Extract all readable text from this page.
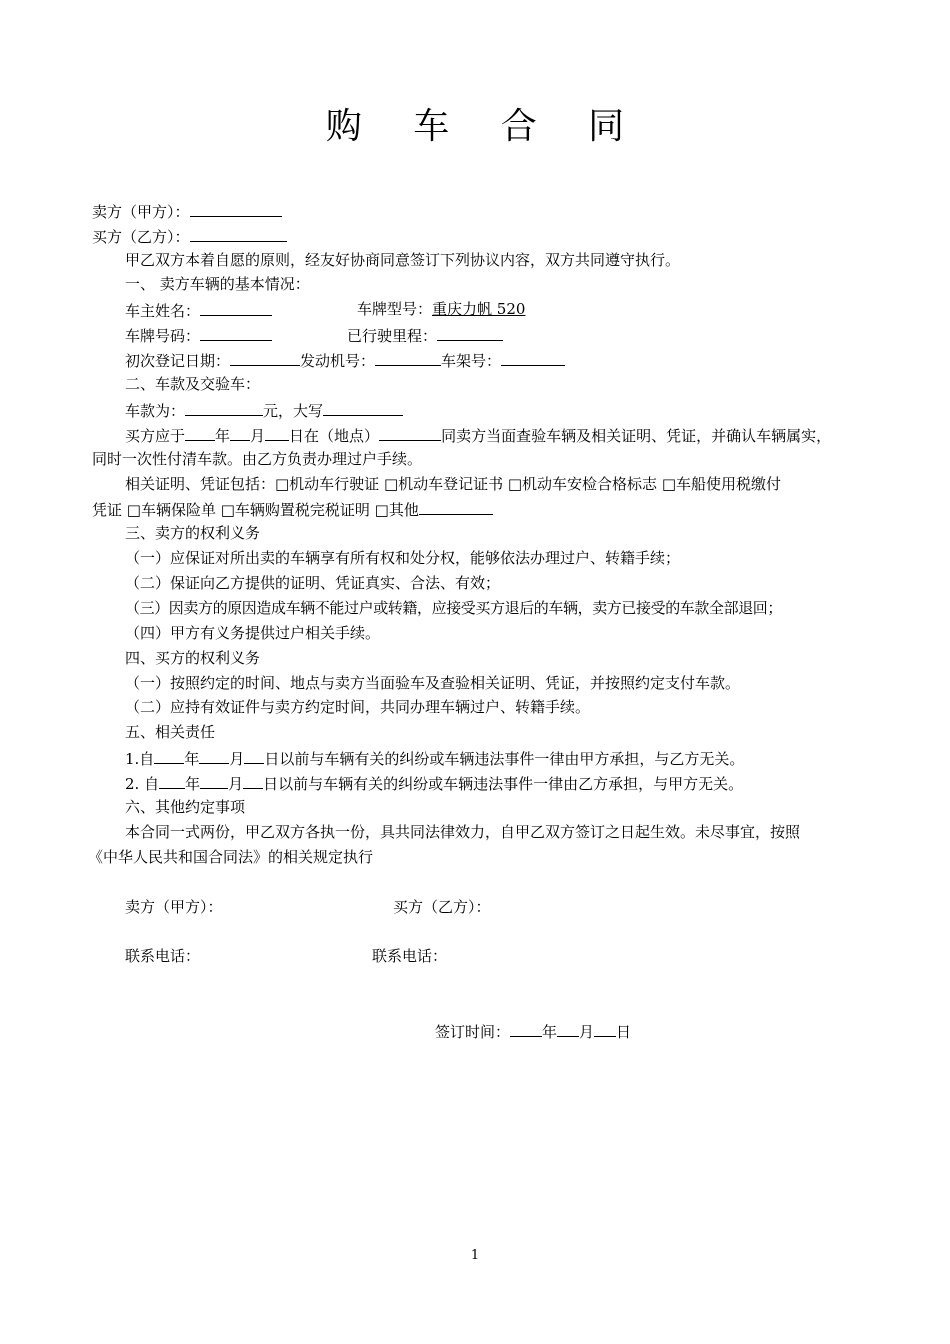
购 车 合 同
卖方（甲方）：
买方（乙方）：
甲乙双方本着自愿的原则，经友好协商同意签订下列协议内容，双方共同遵守执行。
一、 卖方车辆的基本情况：
车主姓名：	车牌型号：重庆力帆 520
车牌号码：	已行驶里程：
初次登记日期：	发动机号：	车架号：
二、车款及交验车：
车款为：	元，大写
买方应于 年 月 日在（地点）	同卖方当面查验车辆及相关证明、凭证，并确认车辆属实，
同时一次性付清车款。由乙方负责办理过户手续。
相关证明、凭证包括：□机动车行驶证 □机动车登记证书 □机动车安检合格标志 □车船使用税缴付
凭证 □车辆保险单 □车辆购置税完税证明 □其他
三、卖方的权利义务
（一）应保证对所出卖的车辆享有所有权和处分权，能够依法办理过户、转籍手续；
（二）保证向乙方提供的证明、凭证真实、合法、有效；
（三）因卖方的原因造成车辆不能过户或转籍，应接受买方退后的车辆，卖方已接受的车款全部退回；
（四）甲方有义务提供过户相关手续。
四、买方的权利义务
（一）按照约定的时间、地点与卖方当面验车及查验相关证明、凭证，并按照约定支付车款。
（二）应持有效证件与卖方约定时间，共同办理车辆过户、转籍手续。
五、相关责任
1.自 年 月 日以前与车辆有关的纠纷或车辆违法事件一律由甲方承担，与乙方无关。
2. 自 年 月 日以前与车辆有关的纠纷或车辆违法事件一律由乙方承担，与甲方无关。
六、其他约定事项
本合同一式两份，甲乙双方各执一份，具共同法律效力，自甲乙双方签订之日起生效。未尽事宜，按照
《中华人民共和国合同法》的相关规定执行
卖方（甲方）：	买方（乙方）：
联系电话：	联系电话：
签订时间： 年 月 日
1
